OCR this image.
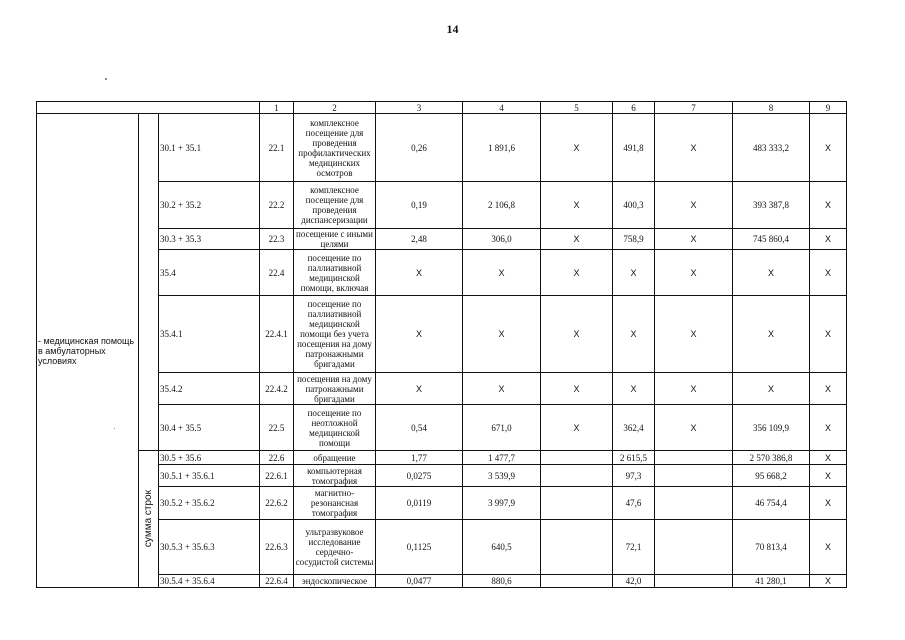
14
			1	2	3	4	5	6	7	8	9
- медицинская помощь в амбулаторных условиях		30.1 + 35.1	22.1	комплексное посещение для проведения профилактических медицинских осмотров	0,26	1 891,6	Х	491,8	Х	483 333,2	Х
		30.2 + 35.2	22.2	комплексное посещение для проведения диспансеризации	0,19	2 106,8	Х	400,3	Х	393 387,8	Х
		30.3 + 35.3	22.3	посещение с иными целями	2,48	306,0	Х	758,9	Х	745 860,4	Х
		35.4	22.4	посещение по паллиативной медицинской помощи, включая	Х	Х	Х	Х	Х	Х	Х
		35.4.1	22.4.1	посещение по паллиативной медицинской помощи без учета посещения на дому патронажными бригадами	Х	Х	Х	Х	Х	Х	Х
		35.4.2	22.4.2	посещения на дому патронажными бригадами	Х	Х	Х	Х	Х	Х	Х
		30.4 + 35.5	22.5	посещение по неотложной медицинской помощи	0,54	671,0	Х	362,4	Х	356 109,9	Х
	сумма строк	30.5 + 35.6	22.6	обращение	1,77	1 477,7		2 615,5		2 570 386,8	Х
		30.5.1 + 35.6.1	22.6.1	компьютерная томография	0,0275	3 539,9		97,3		95 668,2	Х
		30.5.2 + 35.6.2	22.6.2	магнитно-резонансная томография	0,0119	3 997,9		47,6		46 754,4	Х
		30.5.3 + 35.6.3	22.6.3	ультразвуковое исследование сердечно-сосудистой системы	0,1125	640,5		72,1		70 813,4	Х
		30.5.4 + 35.6.4	22.6.4	эндоскопическое	0,0477	880,6		42,0		41 280,1	Х
